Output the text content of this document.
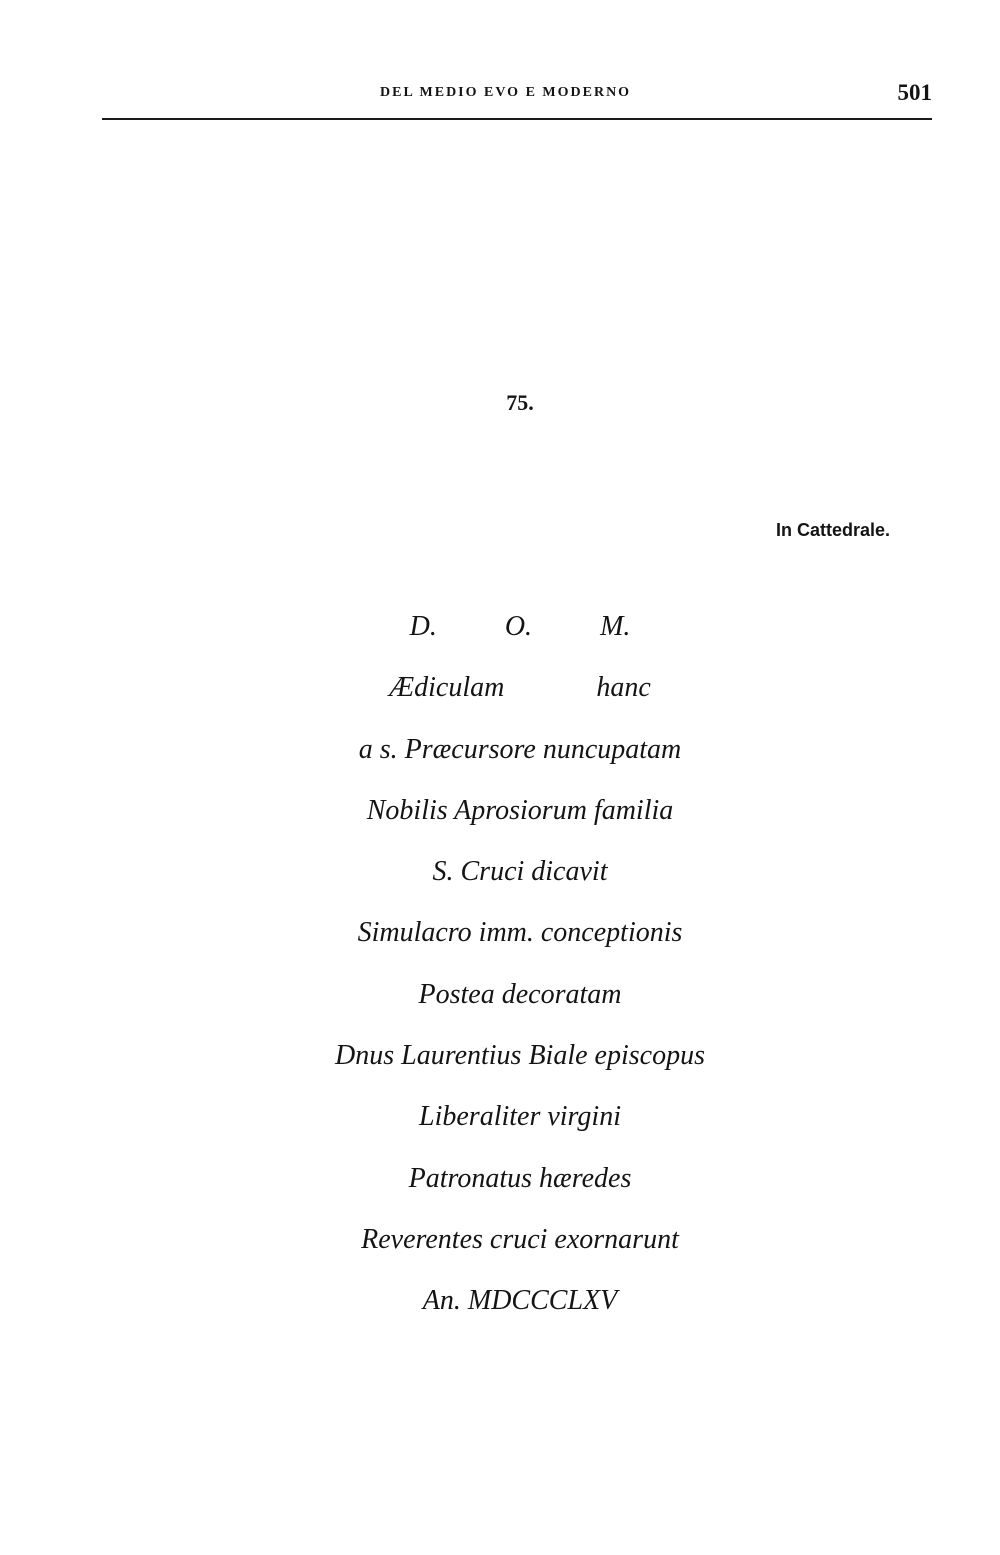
DEL MEDIO EVO E MODERNO	501
75.
In Cattedrale.
D. O. M.
Ædiculam	hanc
a s. Præcursore nuncupatam
Nobilis Aprosiorum familia
S. Cruci dicavit
Simulacro imm. conceptionis
Postea decoratam
Dnus Laurentius Biale episcopus
Liberaliter virgini
Patronatus hæredes
Reverentes cruci exornarunt
An. MDCCCLXV
